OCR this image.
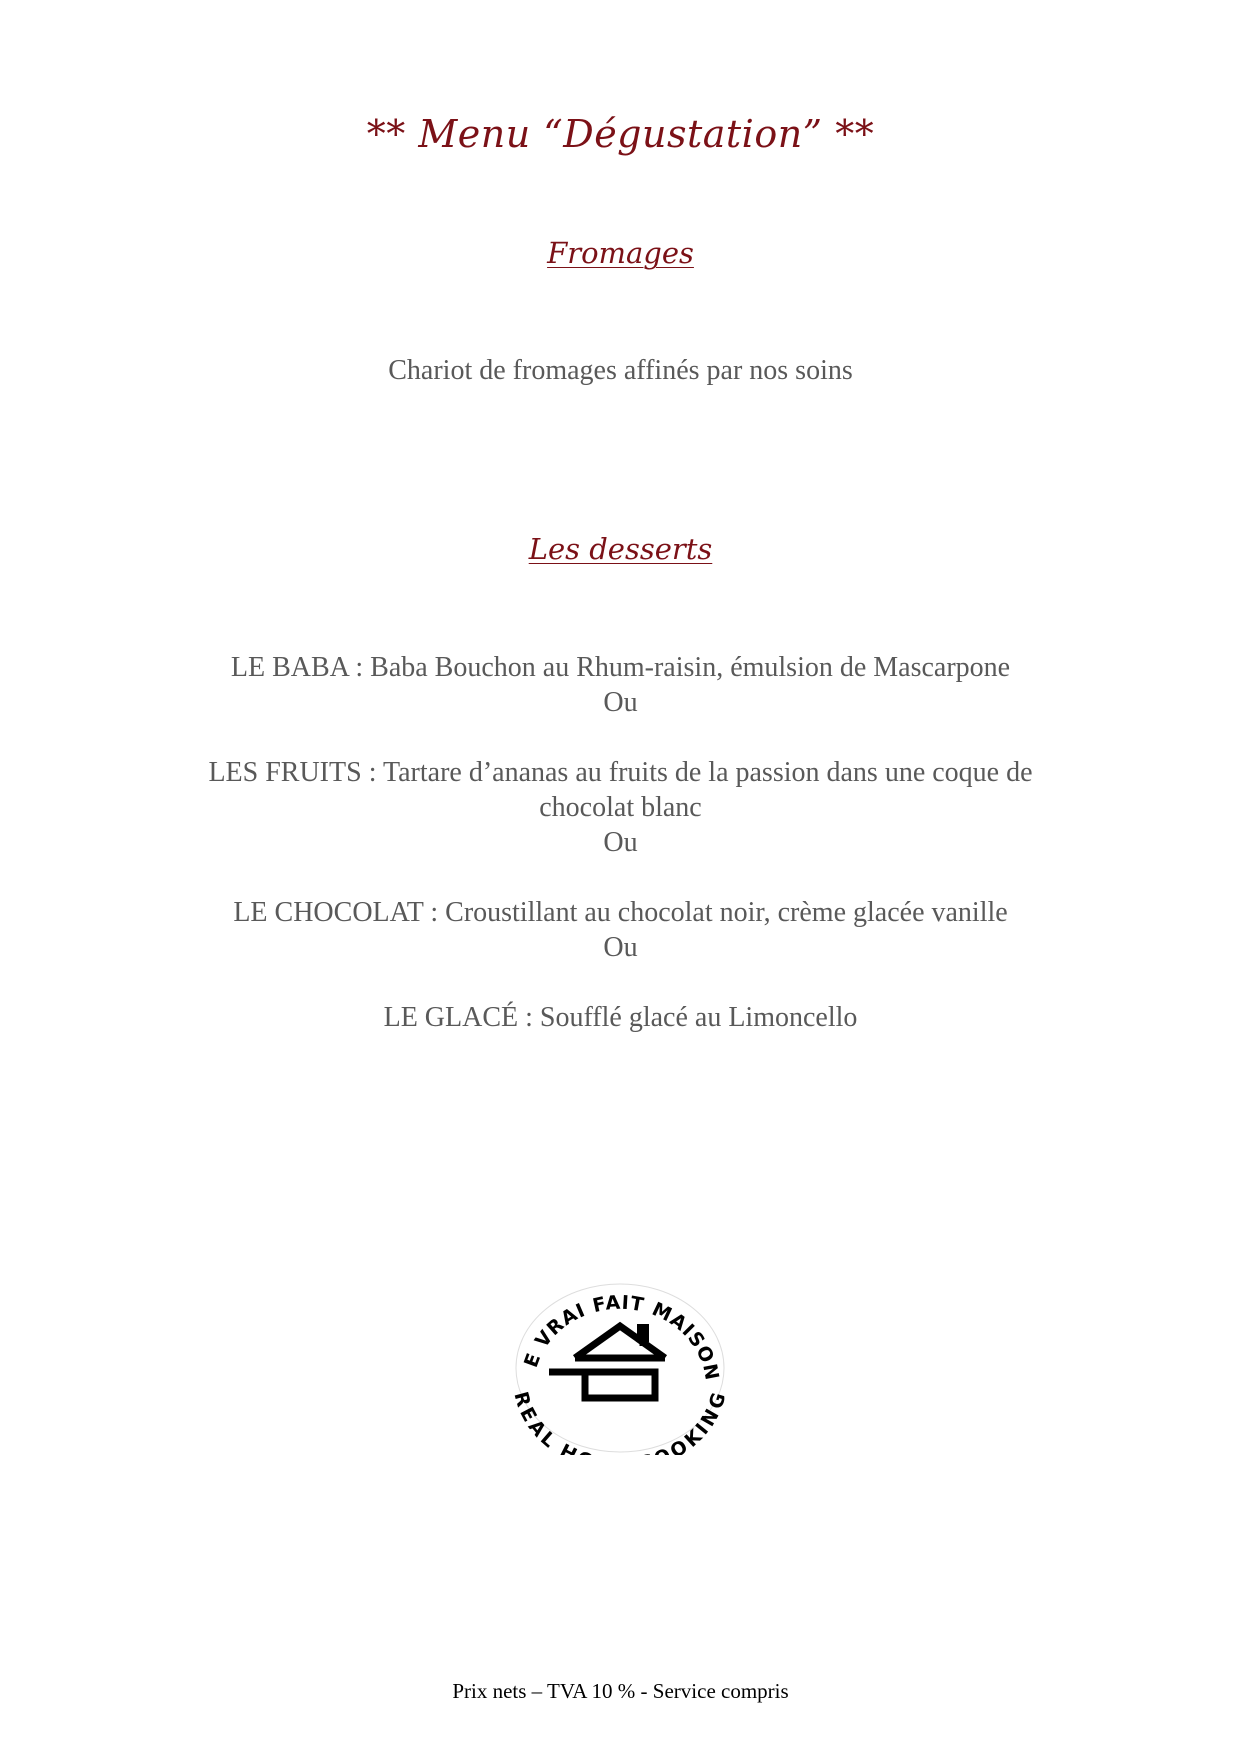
** Menu “Dégustation” **
Fromages

Chariot de fromages affinés par nos soins

Les desserts

LE BABA : Baba Bouchon au Rhum-raisin, émulsion de Mascarpone

Ou

LES FRUITS : Tartare d’ananas au fruits de la passion dans une coque de

chocolat blanc

Ou

LE CHOCOLAT : Croustillant au chocolat noir, crème glacée vanille

Ou

LE GLACÉ : Soufflé glacé au Limoncello

E VRAI FAIT MAISON
EAL H OKIN

Prix nets – TVA 10 % - Service compris
